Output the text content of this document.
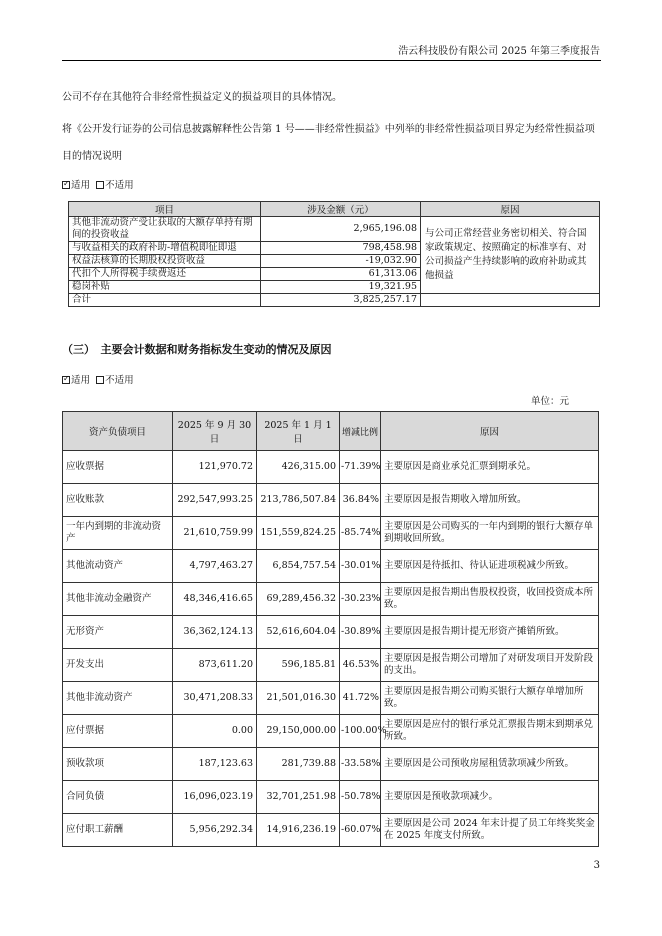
浩云科技股份有限公司 2025 年第三季度报告
公司不存在其他符合非经常性损益定义的损益项目的具体情况。
将《公开发行证券的公司信息披露解释性公告第 1 号——非经常性损益》中列举的非经常性损益项目界定为经常性损益项
目的情况说明
✓适用 不适用
项目	涉及金额（元）	原因
其他非流动资产受让获取的大额存单持有期间的投资收益	2,965,196.08	与公司正常经营业务密切相关、符合国家政策规定、按照确定的标准享有、对公司损益产生持续影响的政府补助或其他损益
与收益相关的政府补助-增值税即征即退	798,458.98	
权益法核算的长期股权投资收益	-19,032.90	
代扣个人所得税手续费返还	61,313.06	
稳岗补贴	19,321.95	
合计	3,825,257.17	
（三）　主要会计数据和财务指标发生变动的情况及原因
✓适用 不适用
单位：元
资产负债项目	2025 年 9 月 30 日	2025 年 1 月 1 日	增减比例	原因
应收票据	121,970.72	426,315.00	-71.39%	主要原因是商业承兑汇票到期承兑。
应收账款	292,547,993.25	213,786,507.84	36.84%	主要原因是报告期收入增加所致。
一年内到期的非流动资产	21,610,759.99	151,559,824.25	-85.74%	主要原因是公司购买的一年内到期的银行大额存单到期收回所致。
其他流动资产	4,797,463.27	6,854,757.54	-30.01%	主要原因是待抵扣、待认证进项税减少所致。
其他非流动金融资产	48,346,416.65	69,289,456.32	-30.23%	主要原因是报告期出售股权投资，收回投资成本所致。
无形资产	36,362,124.13	52,616,604.04	-30.89%	主要原因是报告期计提无形资产摊销所致。
开发支出	873,611.20	596,185.81	46.53%	主要原因是报告期公司增加了对研发项目开发阶段的支出。
其他非流动资产	30,471,208.33	21,501,016.30	41.72%	主要原因是报告期公司购买银行大额存单增加所致。
应付票据	0.00	29,150,000.00	-100.00%	主要原因是应付的银行承兑汇票报告期末到期承兑所致。
预收款项	187,123.63	281,739.88	-33.58%	主要原因是公司预收房屋租赁款项减少所致。
合同负债	16,096,023.19	32,701,251.98	-50.78%	主要原因是预收款项减少。
应付职工薪酬	5,956,292.34	14,916,236.19	-60.07%	主要原因是公司 2024 年末计提了员工年终奖奖金在 2025 年度支付所致。
3
